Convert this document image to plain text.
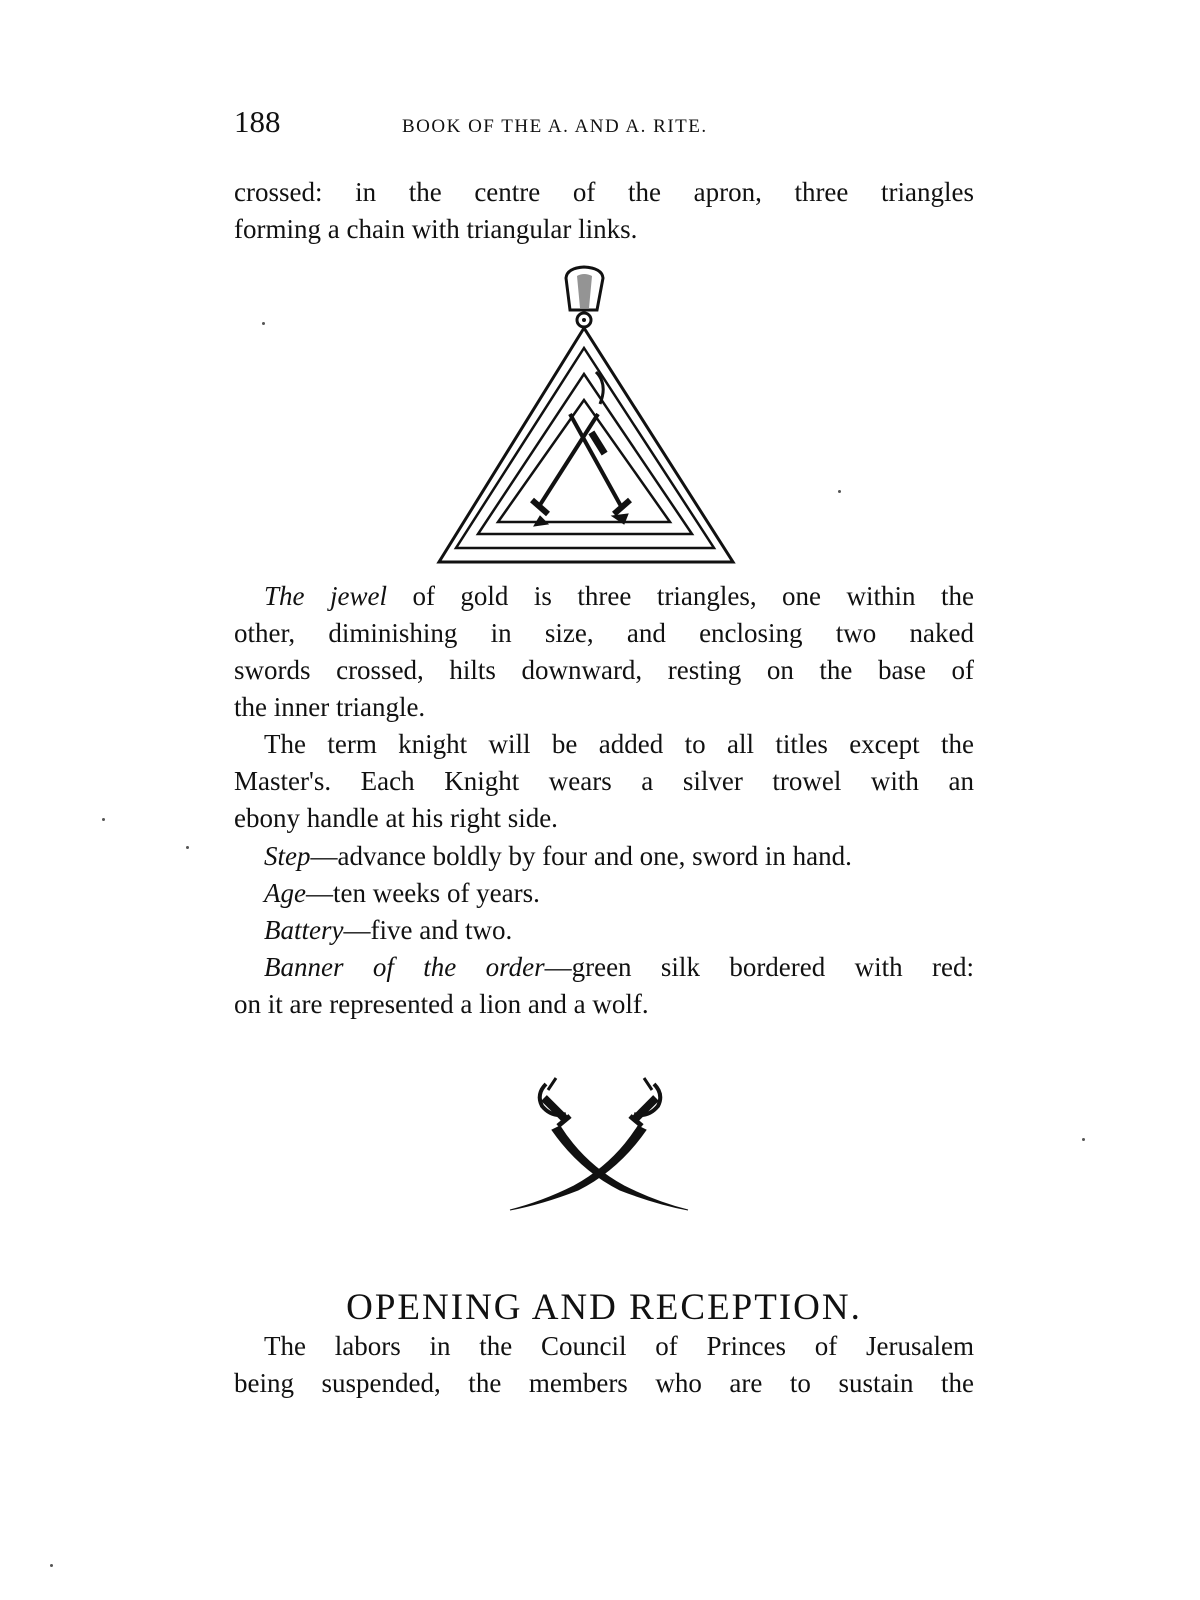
188	BOOK OF THE A. AND A. RITE.
crossed: in the centre of the apron, three triangles
forming a chain with triangular links.
The jewel of gold is three triangles, one within the
other, diminishing in size, and enclosing two naked
swords crossed, hilts downward, resting on the base of
the inner triangle.
The term knight will be added to all titles except the
Master's. Each Knight wears a silver trowel with an
ebony handle at his right side.

Step—advance boldly by four and one, sword in hand.

Age—ten weeks of years.

Battery—five and two.

Banner of the order—green silk bordered with red:
on it are represented a lion and a wolf.
OPENING AND RECEPTION.
The labors in the Council of Princes of Jerusalem
being suspended, the members who are to sustain the
